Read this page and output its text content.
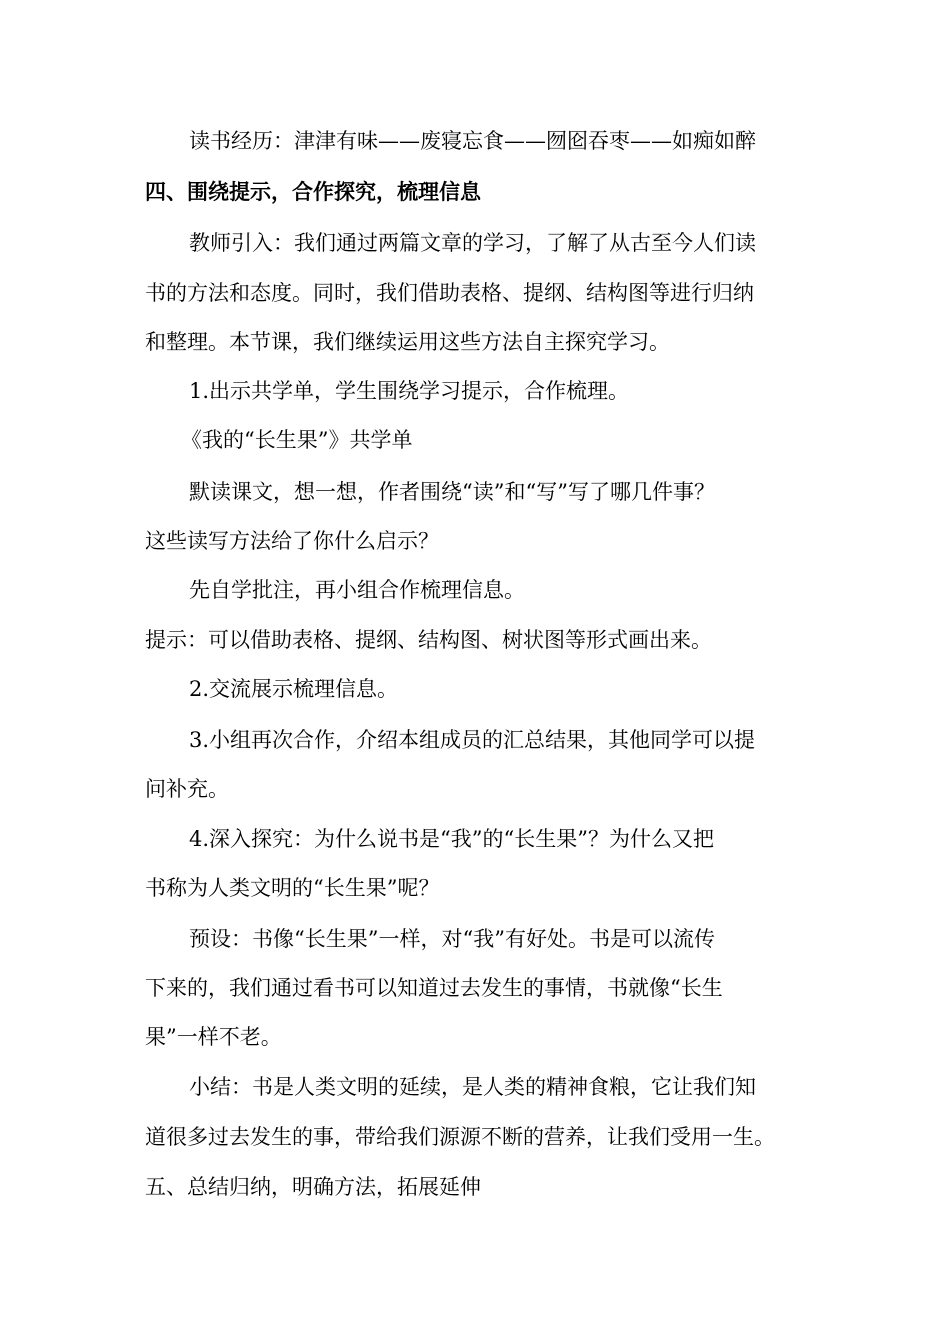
读书经历：津津有味——废寝忘食——囫囵吞枣——如痴如醉
四、围绕提示，合作探究，梳理信息
教师引入：我们通过两篇文章的学习，了解了从古至今人们读
书的方法和态度。同时，我们借助表格、提纲、结构图等进行归纳
和整理。本节课，我们继续运用这些方法自主探究学习。
1.出示共学单，学生围绕学习提示，合作梳理。
《我的“长生果”》共学单
默读课文，想一想，作者围绕“读”和“写”写了哪几件事？
这些读写方法给了你什么启示？
先自学批注，再小组合作梳理信息。
提示：可以借助表格、提纲、结构图、树状图等形式画出来。
2.交流展示梳理信息。
3.小组再次合作，介绍本组成员的汇总结果，其他同学可以提
问补充。
4.深入探究：为什么说书是“我”的“长生果”？为什么又把
书称为人类文明的“长生果”呢？
预设：书像“长生果”一样，对“我”有好处。书是可以流传
下来的，我们通过看书可以知道过去发生的事情，书就像“长生
果”一样不老。
小结：书是人类文明的延续，是人类的精神食粮，它让我们知
道很多过去发生的事，带给我们源源不断的营养，让我们受用一生。
五、总结归纳，明确方法，拓展延伸
